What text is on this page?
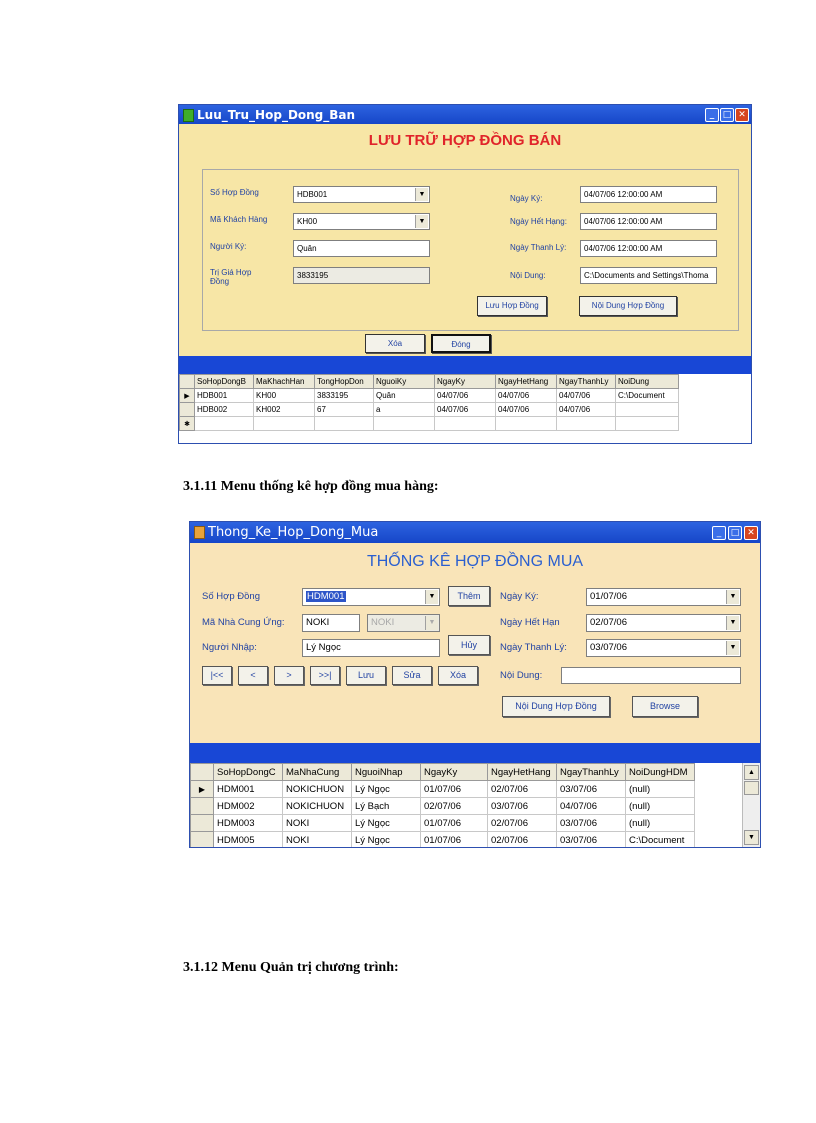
Luu_Tru_Hop_Dong_Ban	_ □ ✕
LƯU TRỮ HỢP ĐỒNG BÁN
Số Hợp Đồng	HDB001	▼
Mã Khách Hàng	KH00	▼
Người Ký:	Quân
Trị Giá Hợp Đồng
3833195
Ngày Ký:	04/07/06 12:00:00 AM
Ngày Hết Hạng:	04/07/06 12:00:00 AM
Ngày Thanh Lý:	04/07/06 12:00:00 AM
Nội Dung:	C:\Documents and Settings\Thoma
Lưu Hợp Đồng	Nội Dung Hợp Đồng
Xóa	Đóng
	SoHopDongB	MaKhachHan	TongHopDon	NguoiKy	NgayKy	NgayHetHang	NgayThanhLy	NoiDung
▶	HDB001	KH00	3833195	Quân	04/07/06	04/07/06	04/07/06	C:\Document
	HDB002	KH002	67	a	04/07/06	04/07/06	04/07/06	
✱								
3.1.11 Menu thống kê hợp đồng mua hàng:
Thong_Ke_Hop_Dong_Mua	_	□ ✕
THỐNG KÊ HỢP ĐỒNG MUA
Số Hợp Đồng	HDM001	▼	Thêm
Mã Nhà Cung Ứng:	NOKI	NOKI	▼
Người Nhập:	Lý Ngọc	Hủy
Ngày Ký:	01/07/06	▼
Ngày Hết Hạn	02/07/06	▼
Ngày Thanh Lý:	03/07/06	▼
|<<	<	>	>>|	Lưu	Sửa	Xóa	Nội Dung:
Nội Dung Hợp Đồng	Browse
	SoHopDongC	MaNhaCung	NguoiNhap	NgayKy	NgayHetHang	NgayThanhLy	NoiDungHDM
▶	HDM001	NOKICHUON	Lý Ngọc	01/07/06	02/07/06	03/07/06	(null)
	HDM002	NOKICHUON	Lý Bạch	02/07/06	03/07/06	04/07/06	(null)
	HDM003	NOKI	Lý Ngọc	01/07/06	02/07/06	03/07/06	(null)
	HDM005	NOKI	Lý Ngọc	01/07/06	02/07/06	03/07/06	C:\Document
▲
▼
3.1.12 Menu Quản trị chương trình:
